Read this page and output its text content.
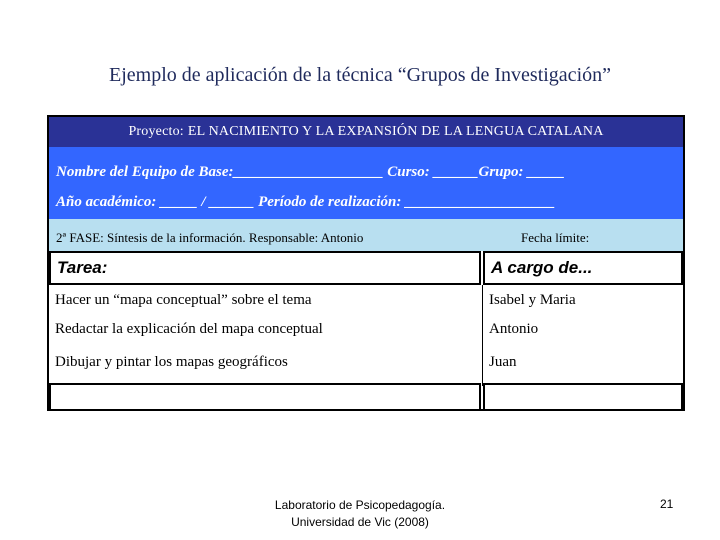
Ejemplo de aplicación de la técnica “Grupos de Investigación”
Proyecto: EL NACIMIENTO Y LA EXPANSIÓN DE LA LENGUA CATALANA
Nombre del Equipo de Base:____________________ Curso: ______Grupo: _____
Año académico: _____ / ______ Período de realización: ____________________
2ª FASE: Síntesis de la información. Responsable: Antonio	Fecha límite:
Tarea:	A cargo de...
Hacer un “mapa conceptual” sobre el tema	Isabel y Maria
Redactar la explicación del mapa conceptual	Antonio
Dibujar y pintar los mapas geográficos	Juan
Laboratorio de Psicopedagogía.
Universidad de Vic (2008)
21
